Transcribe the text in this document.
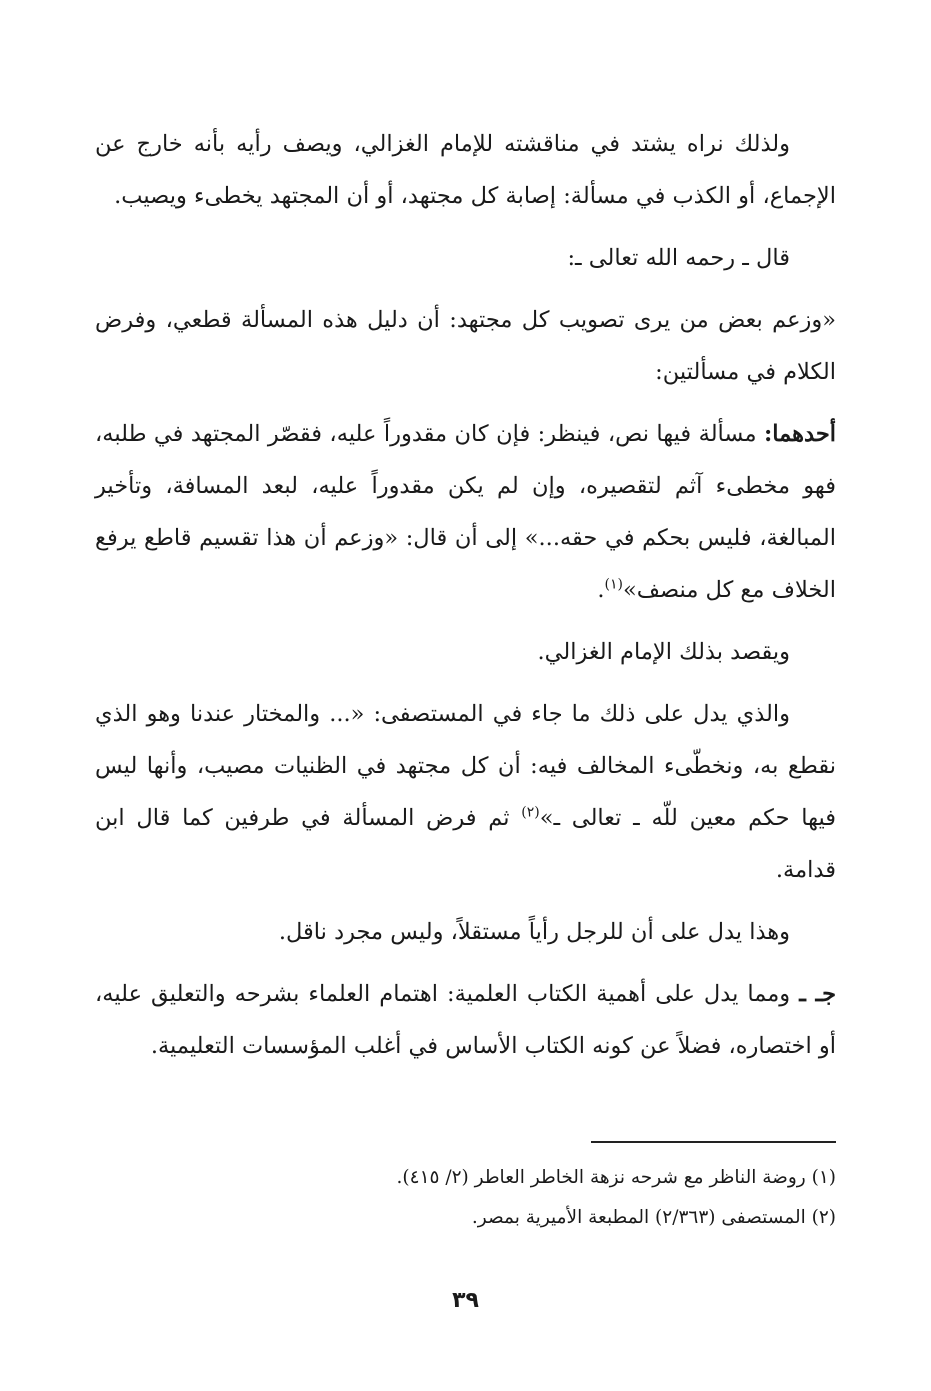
ولذلك نراه يشتد في مناقشته للإمام الغزالي، ويصف رأيه بأنه خارج عن الإجماع، أو الكذب في مسألة: إصابة كل مجتهد، أو أن المجتهد يخطىء ويصيب.

قال ـ رحمه الله تعالى ـ:

«وزعم بعض من يرى تصويب كل مجتهد: أن دليل هذه المسألة قطعي، وفرض الكلام في مسألتين:

أحدهما: مسألة فيها نص، فينظر: فإن كان مقدوراً عليه، فقصّر المجتهد في طلبه، فهو مخطىء آثم لتقصيره، وإن لم يكن مقدوراً عليه، لبعد المسافة، وتأخير المبالغة، فليس بحكم في حقه...» إلى أن قال: «وزعم أن هذا تقسيم قاطع يرفع الخلاف مع كل منصف»$^{(١)}$.

ويقصد بذلك الإمام الغزالي.

والذي يدل على ذلك ما جاء في المستصفى: «... والمختار عندنا وهو الذي نقطع به، ونخطّىء المخالف فيه: أن كل مجتهد في الظنيات مصيب، وأنها ليس فيها حكم معين للّه ـ تعالى ـ»$^{(٢)}$ ثم فرض المسألة في طرفين كما قال ابن قدامة.

وهذا يدل على أن للرجل رأياً مستقلاً، وليس مجرد ناقل.

جـ ـ ومما يدل على أهمية الكتاب العلمية: اهتمام العلماء بشرحه والتعليق عليه، أو اختصاره، فضلاً عن كونه الكتاب الأساس في أغلب المؤسسات التعليمية.

(١) روضة الناظر مع شرحه نزهة الخاطر العاطر (٢/ ٤١٥).
(٢) المستصفى (٢/٣٦٣) المطبعة الأميرية بمصر.
٣٩
